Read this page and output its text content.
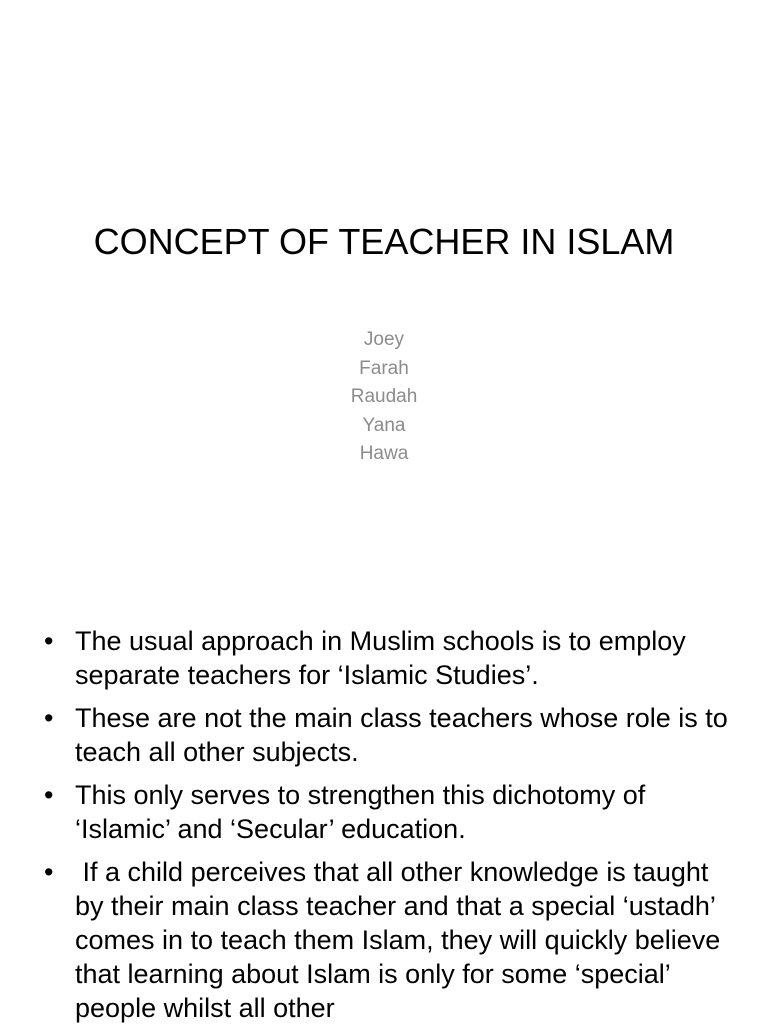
CONCEPT OF TEACHER IN ISLAM
Joey
Farah
Raudah
Yana
Hawa
• The usual approach in Muslim schools is to employ separate teachers for ‘Islamic Studies’.
• These are not the main class teachers whose role is to teach all other subjects.
• This only serves to strengthen this dichotomy of ‘Islamic’ and ‘Secular’ education.
• If a child perceives that all other knowledge is taught by their main class teacher and that a special ‘ustadh’ comes in to teach them Islam, they will quickly believe that learning about Islam is only for some ‘special’ people whilst all other
